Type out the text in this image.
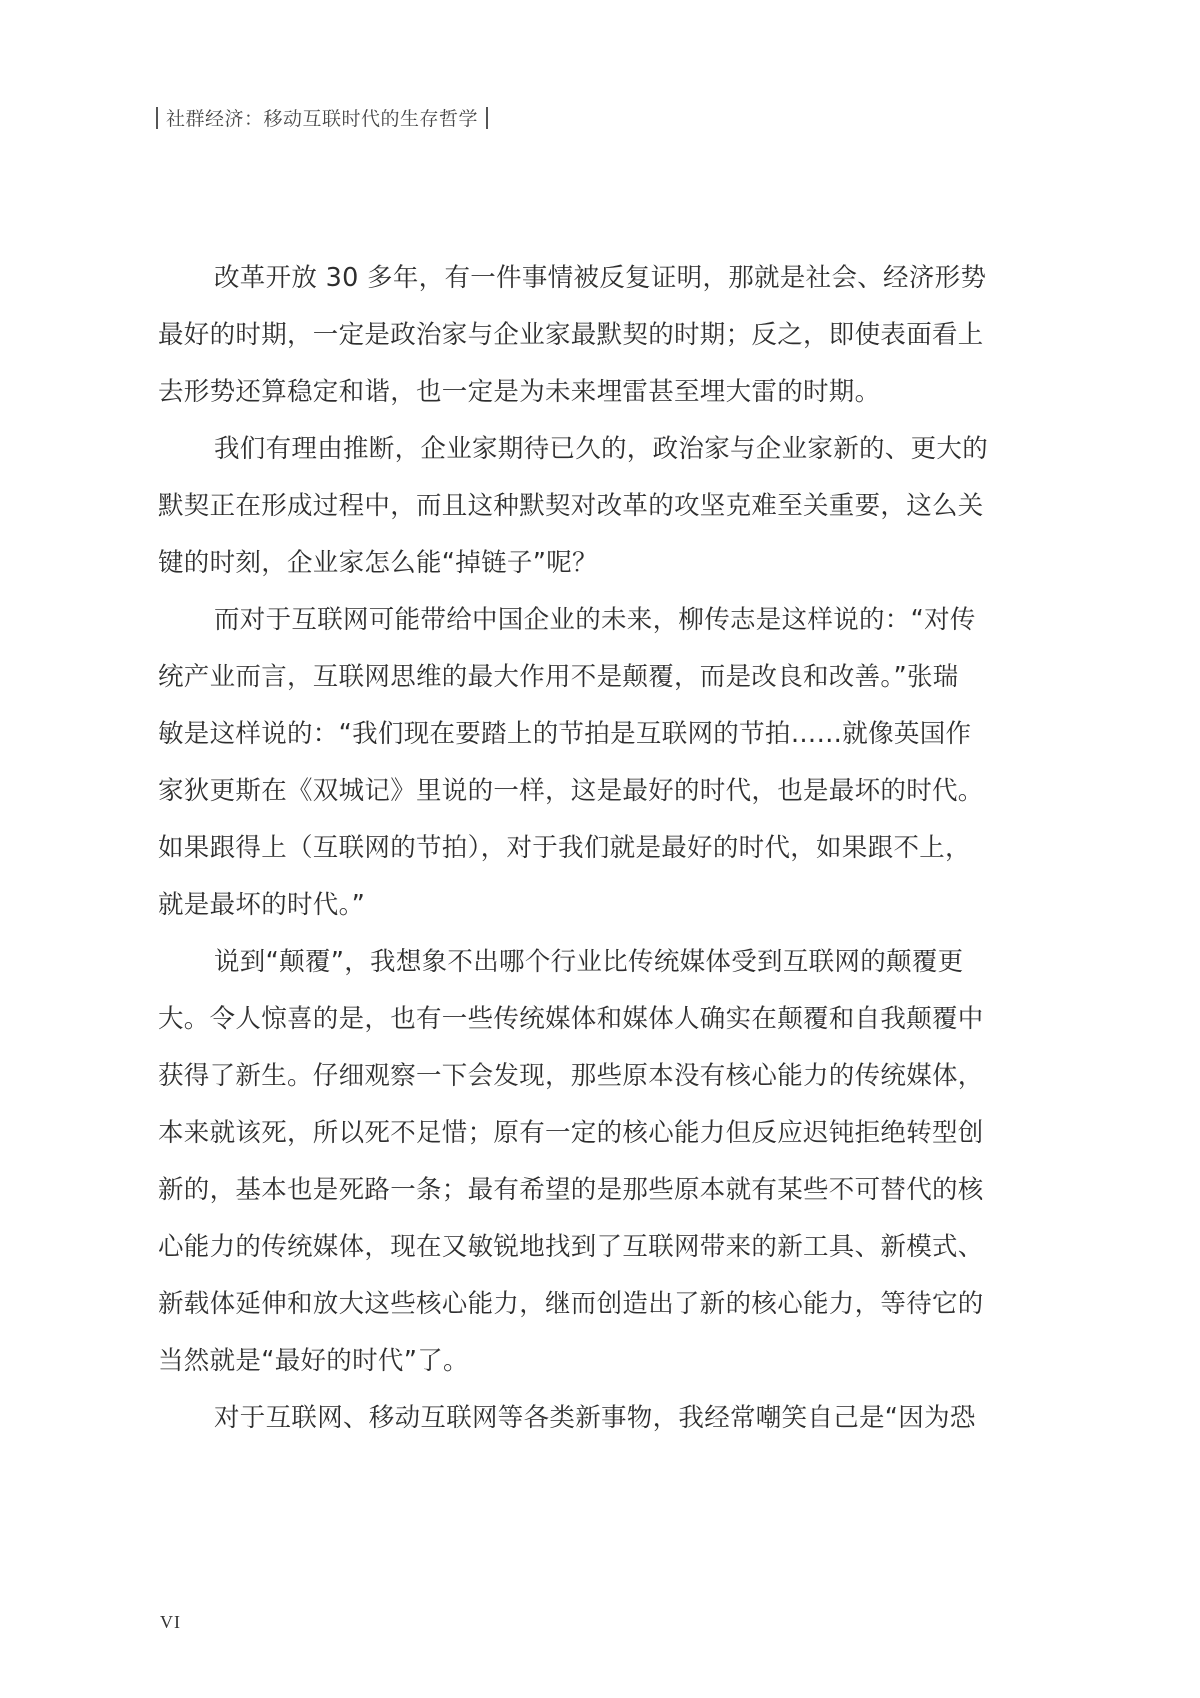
社群经济：移动互联时代的生存哲学
改革开放 30 多年，有一件事情被反复证明，那就是社会、经济形势
最好的时期，一定是政治家与企业家最默契的时期；反之，即使表面看上
去形势还算稳定和谐，也一定是为未来埋雷甚至埋大雷的时期。
我们有理由推断，企业家期待已久的，政治家与企业家新的、更大的
默契正在形成过程中，而且这种默契对改革的攻坚克难至关重要，这么关
键的时刻，企业家怎么能“掉链子”呢？
而对于互联网可能带给中国企业的未来，柳传志是这样说的：“对传
统产业而言，互联网思维的最大作用不是颠覆，而是改良和改善。”张瑞
敏是这样说的：“我们现在要踏上的节拍是互联网的节拍……就像英国作
家狄更斯在《双城记》里说的一样，这是最好的时代，也是最坏的时代。
如果跟得上（互联网的节拍），对于我们就是最好的时代，如果跟不上，
就是最坏的时代。”
说到“颠覆”，我想象不出哪个行业比传统媒体受到互联网的颠覆更
大。令人惊喜的是，也有一些传统媒体和媒体人确实在颠覆和自我颠覆中
获得了新生。仔细观察一下会发现，那些原本没有核心能力的传统媒体，
本来就该死，所以死不足惜；原有一定的核心能力但反应迟钝拒绝转型创
新的，基本也是死路一条；最有希望的是那些原本就有某些不可替代的核
心能力的传统媒体，现在又敏锐地找到了互联网带来的新工具、新模式、
新载体延伸和放大这些核心能力，继而创造出了新的核心能力，等待它的
当然就是“最好的时代”了。
对于互联网、移动互联网等各类新事物，我经常嘲笑自己是“因为恐
VI
